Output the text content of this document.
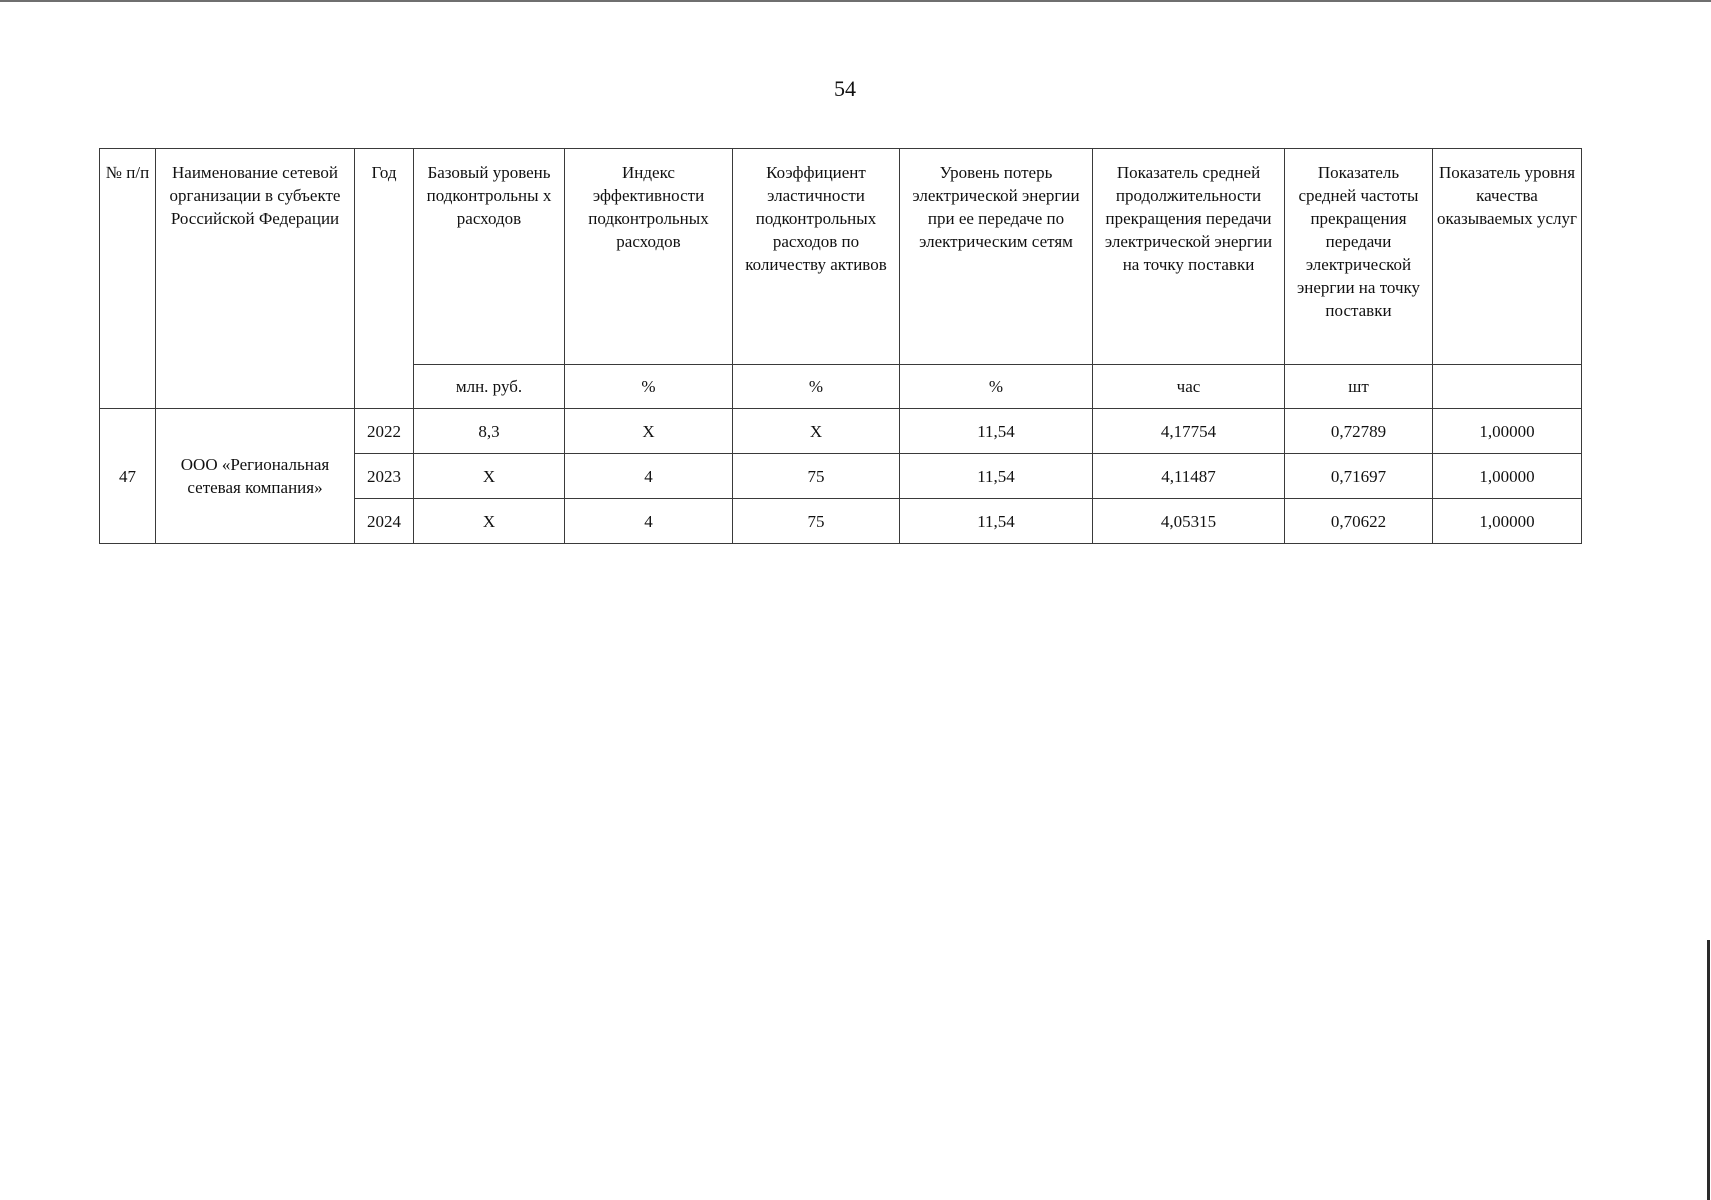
54
№ п/п	Наименование сетевой организации в субъекте Российской Федерации	Год	Базовый уровень подконтрольны х расходов	Индекс эффективности подконтрольных расходов	Коэффициент эластичности подконтрольных расходов по количеству активов	Уровень потерь электрической энергии при ее передаче по электрическим сетям	Показатель средней продолжительности прекращения передачи электрической энергии на точку поставки	Показатель средней частоты прекращения передачи электрической энергии на точку поставки	Показатель уровня качества оказываемых услуг
			млн. руб.	%	%	%	час	шт	
47	ООО «Региональная сетевая компания»	2022	8,3	X	X	11,54	4,17754	0,72789	1,00000
		2023	X	4	75	11,54	4,11487	0,71697	1,00000
		2024	X	4	75	11,54	4,05315	0,70622	1,00000
